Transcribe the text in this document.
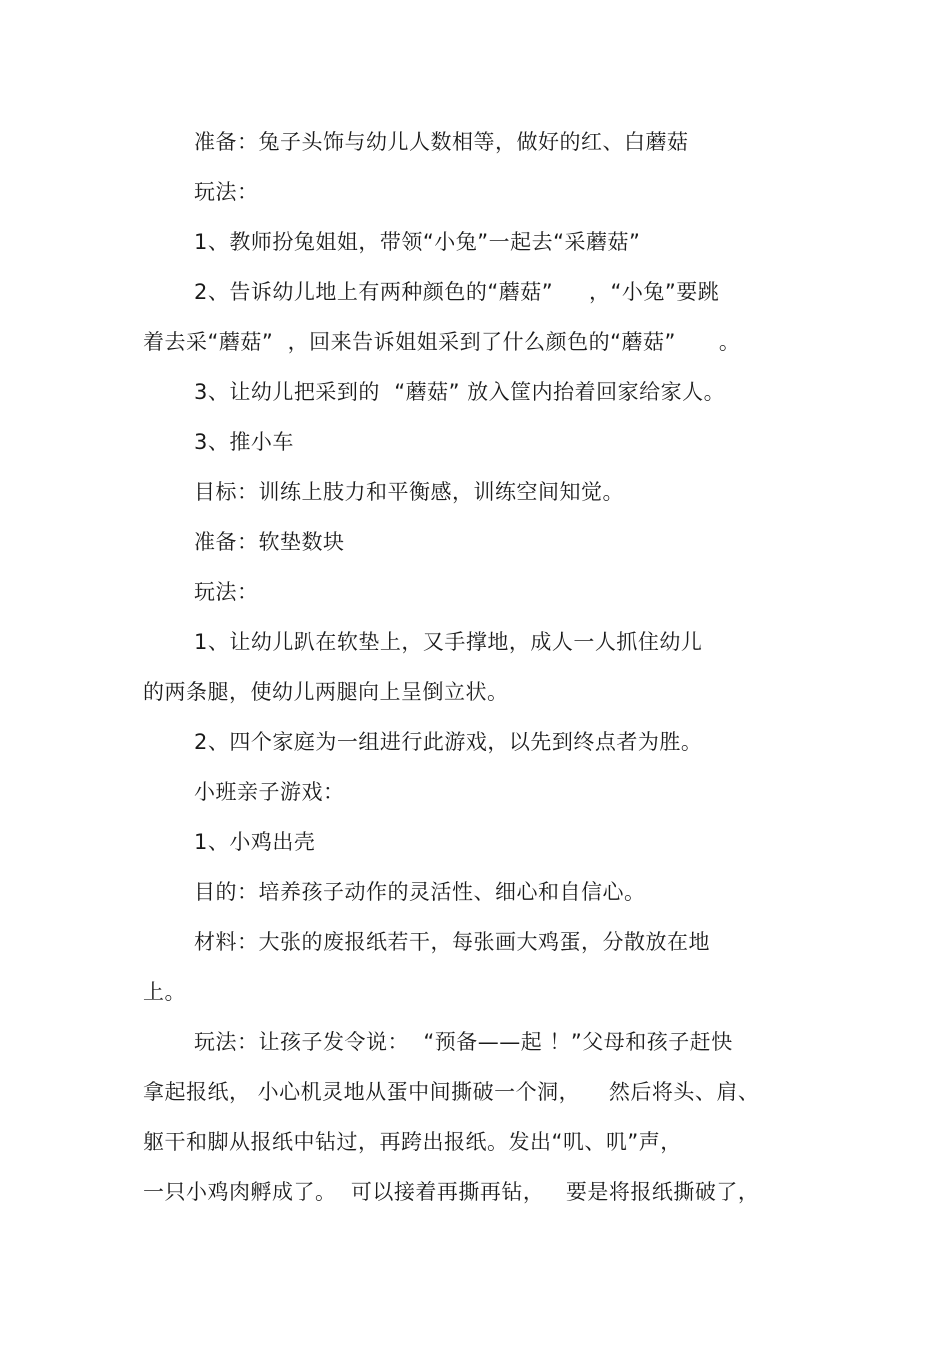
准备：兔子头饰与幼儿人数相等，做好的红、白蘑菇
玩法：
1、教师扮兔姐姐，带领“小兔”一起去“采蘑菇”
2、告诉幼儿地上有两种颜色的“蘑菇”     ，“小兔”要跳
着去采“蘑菇”  ，回来告诉姐姐采到了什么颜色的“蘑菇”      。
3、让幼儿把采到的  “蘑菇” 放入筐内抬着回家给家人。
3、推小车
目标：训练上肢力和平衡感，训练空间知觉。
准备：软垫数块
玩法：
1、让幼儿趴在软垫上，又手撑地，成人一人抓住幼儿
的两条腿，使幼儿两腿向上呈倒立状。
2、四个家庭为一组进行此游戏，以先到终点者为胜。
小班亲子游戏：
1、小鸡出壳
目的：培养孩子动作的灵活性、细心和自信心。
材料：大张的废报纸若干，每张画大鸡蛋，分散放在地
上。
玩法：让孩子发令说：  “预备——起 ！”父母和孩子赶快
拿起报纸， 小心机灵地从蛋中间撕破一个洞，    然后将头、肩、
躯干和脚从报纸中钻过，再跨出报纸。发出“叽、叽”声，
一只小鸡肉孵成了。  可以接着再撕再钻，   要是将报纸撕破了，
